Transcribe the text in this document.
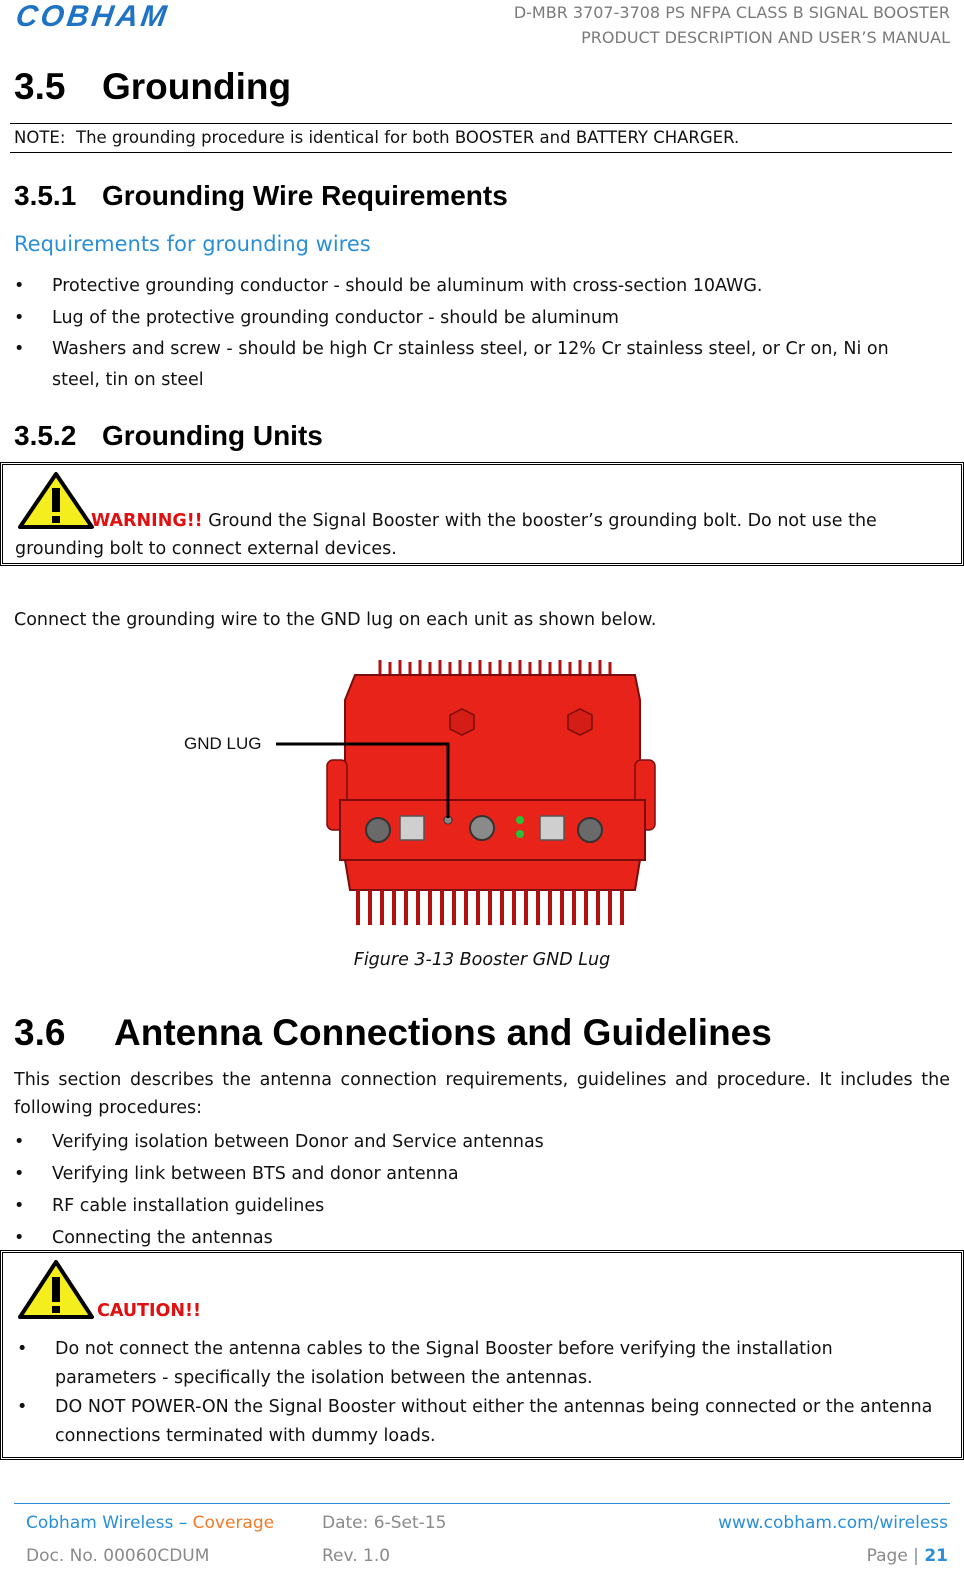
COBHAM	D-MBR 3707-3708 PS NFPA CLASS B SIGNAL BOOSTER
PRODUCT DESCRIPTION AND USER’S MANUAL
3.5 Grounding
NOTE: The grounding procedure is identical for both BOOSTER and BATTERY CHARGER.
3.5.1 Grounding Wire Requirements
Requirements for grounding wires
• Protective grounding conductor - should be aluminum with cross-section 10AWG.
• Lug of the protective grounding conductor - should be aluminum
• Washers and screw - should be high Cr stainless steel, or 12% Cr stainless steel, or Cr on, Ni on steel, tin on steel
3.5.2 Grounding Units
WARNING!! Ground the Signal Booster with the booster’s grounding bolt. Do not use the grounding bolt to connect external devices.
Connect the grounding wire to the GND lug on each unit as shown below.
GND LUG
Figure 3-13 Booster GND Lug
3.6 Antenna Connections and Guidelines
This section describes the antenna connection requirements, guidelines and procedure. It includes the following procedures:
• Verifying isolation between Donor and Service antennas
• Verifying link between BTS and donor antenna
• RF cable installation guidelines
• Connecting the antennas
CAUTION!!
• Do not connect the antenna cables to the Signal Booster before verifying the installation parameters - specifically the isolation between the antennas.
• DO NOT POWER-ON the Signal Booster without either the antennas being connected or the antenna connections terminated with dummy loads.
Cobham Wireless – Coverage	Date: 6-Set-15	www.cobham.com/wireless
Doc. No. 00060CDUM	Rev. 1.0	Page | 21
